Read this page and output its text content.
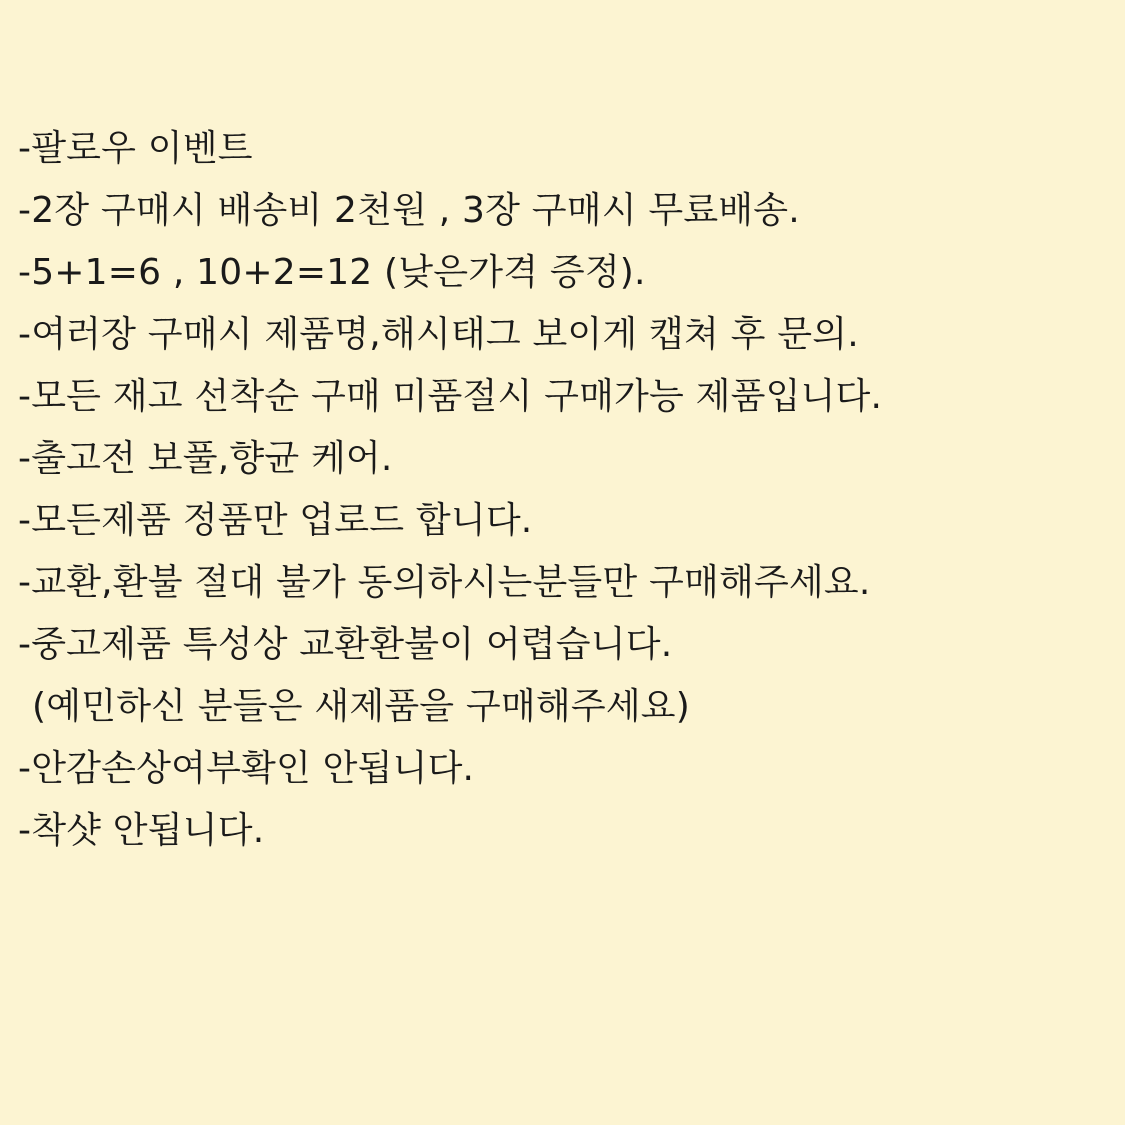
-팔로우 이벤트
-2장 구매시 배송비 2천원 , 3장 구매시 무료배송.
-5+1=6 , 10+2=12 (낮은가격 증정).
-여러장 구매시 제품명,해시태그 보이게 캡쳐 후 문의.
-모든 재고 선착순 구매 미품절시 구매가능 제품입니다.
-출고전 보풀,향균 케어.
-모든제품 정품만 업로드 합니다.
-교환,환불 절대 불가 동의하시는분들만 구매해주세요.
-중고제품 특성상 교환환불이 어렵습니다.
(예민하신 분들은 새제품을 구매해주세요)
-안감손상여부확인 안됩니다.
-착샷 안됩니다.
